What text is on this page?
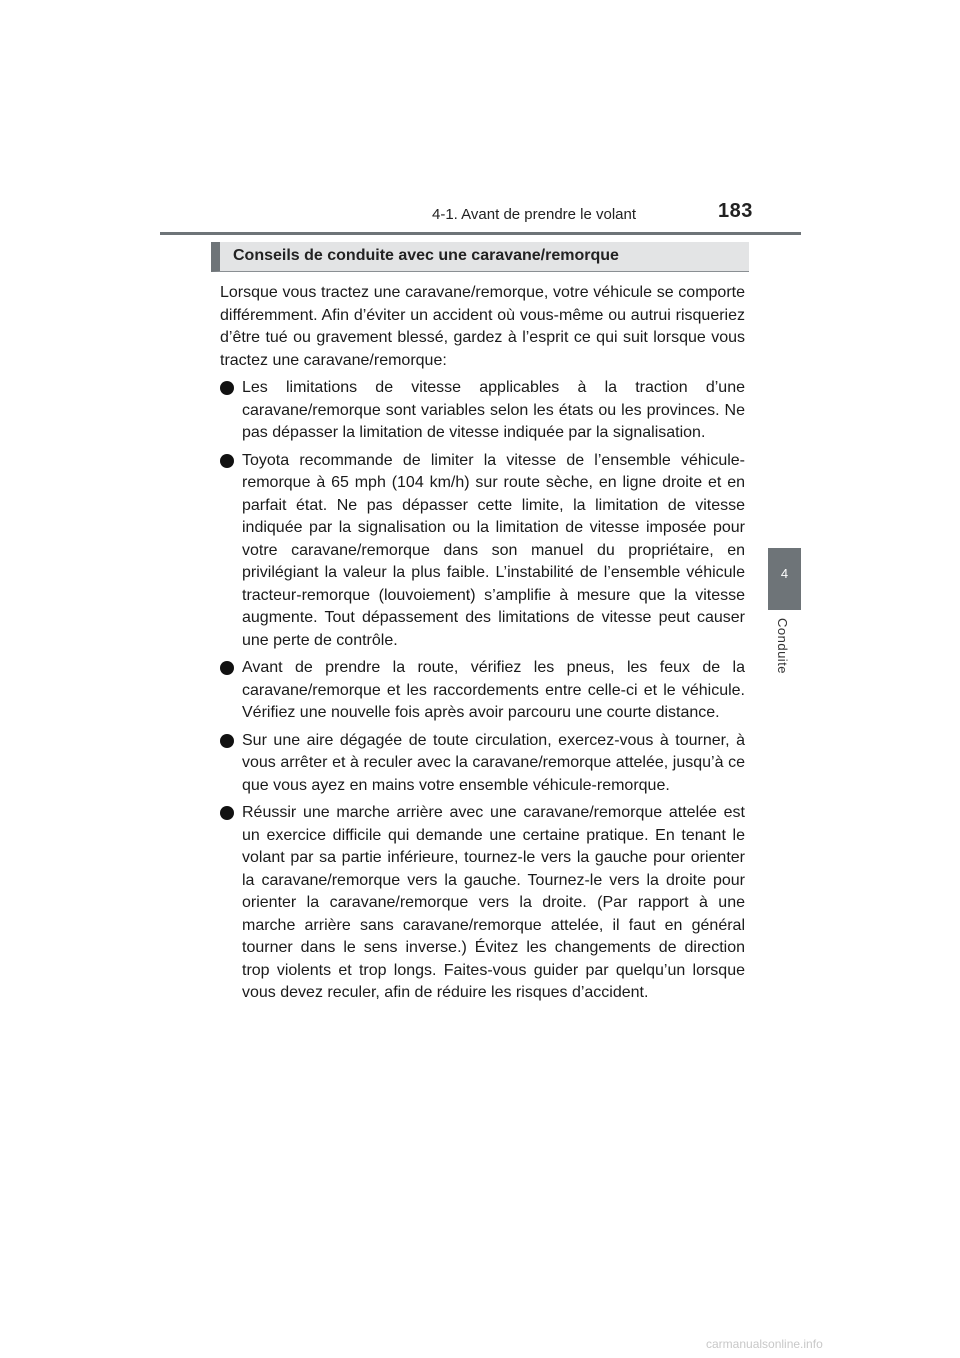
4-1. Avant de prendre le volant	183
4
Conduite
Conseils de conduite avec une caravane/remorque

Lorsque vous tractez une caravane/remorque, votre véhicule se comporte différemment. Afin d’éviter un accident où vous-même ou autrui risqueriez d’être tué ou gravement blessé, gardez à l’esprit ce qui suit lorsque vous tractez une caravane/remorque:

Les limitations de vitesse applicables à la traction d’une caravane/remorque sont variables selon les états ou les provinces. Ne pas dépasser la limitation de vitesse indiquée par la signalisation.
Toyota recommande de limiter la vitesse de l’ensemble véhicule-remorque à 65 mph (104 km/h) sur route sèche, en ligne droite et en parfait état. Ne pas dépasser cette limite, la limitation de vitesse indiquée par la signalisation ou la limitation de vitesse imposée pour votre caravane/remorque dans son manuel du propriétaire, en privilégiant la valeur la plus faible. L’instabilité de l’ensemble véhicule tracteur-remorque (louvoiement) s’amplifie à mesure que la vitesse augmente. Tout dépassement des limitations de vitesse peut causer une perte de contrôle.
Avant de prendre la route, vérifiez les pneus, les feux de la caravane/remorque et les raccordements entre celle-ci et le véhicule. Vérifiez une nouvelle fois après avoir parcouru une courte distance.
Sur une aire dégagée de toute circulation, exercez-vous à tourner, à vous arrêter et à reculer avec la caravane/remorque attelée, jusqu’à ce que vous ayez en mains votre ensemble véhicule-remorque.
Réussir une marche arrière avec une caravane/remorque attelée est un exercice difficile qui demande une certaine pratique. En tenant le volant par sa partie inférieure, tournez-le vers la gauche pour orienter la caravane/remorque vers la gauche. Tournez-le vers la droite pour orienter la caravane/remorque vers la droite. (Par rapport à une marche arrière sans caravane/remorque attelée, il faut en général tourner dans le sens inverse.) Évitez les changements de direction trop violents et trop longs. Faites-vous guider par quelqu’un lorsque vous devez reculer, afin de réduire les risques d’accident.
carmanualsonline.info
